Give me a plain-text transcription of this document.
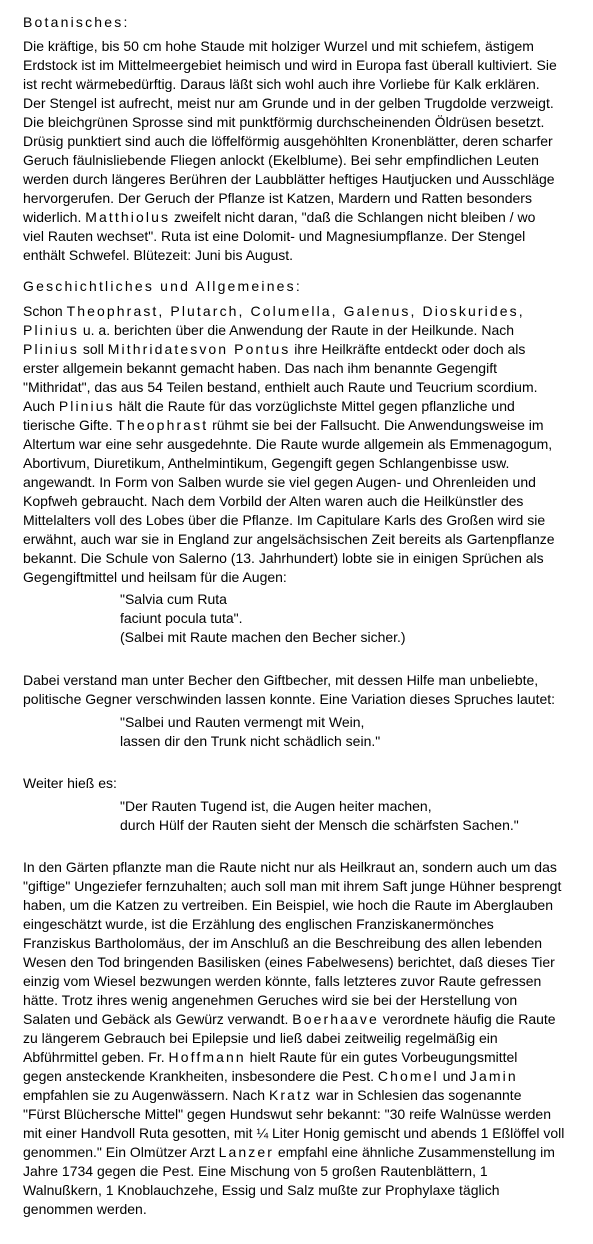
Botanisches:
Die kräftige, bis 50 cm hohe Staude mit holziger Wurzel und mit schiefem, ästigem
Erdstock ist im Mittelmeergebiet heimisch und wird in Europa fast überall kultiviert. Sie
ist recht wärmebedürftig. Daraus läßt sich wohl auch ihre Vorliebe für Kalk erklären.
Der Stengel ist aufrecht, meist nur am Grunde und in der gelben Trugdolde verzweigt.
Die bleichgrünen Sprosse sind mit punktförmig durchscheinenden Öldrüsen besetzt.
Drüsig punktiert sind auch die löffelförmig ausgehöhlten Kronenblätter, deren scharfer
Geruch fäulnisliebende Fliegen anlockt (Ekelblume). Bei sehr empfindlichen Leuten
werden durch längeres Berühren der Laubblätter heftiges Hautjucken und Ausschläge
hervorgerufen. Der Geruch der Pflanze ist Katzen, Mardern und Ratten besonders
widerlich. Matthiolus zweifelt nicht daran, "daß die Schlangen nicht bleiben / wo
viel Rauten wechset". Ruta ist eine Dolomit- und Magnesiumpflanze. Der Stengel
enthält Schwefel. Blütezeit: Juni bis August.
Geschichtliches und Allgemeines:
Schon Theophrast, Plutarch, Columella, Galenus, Dioskurides,
Plinius u. a. berichten über die Anwendung der Raute in der Heilkunde. Nach
Plinius soll Mithridatesvon Pontus ihre Heilkräfte entdeckt oder doch als
erster allgemein bekannt gemacht haben. Das nach ihm benannte Gegengift
"Mithridat", das aus 54 Teilen bestand, enthielt auch Raute und Teucrium scordium.
Auch Plinius hält die Raute für das vorzüglichste Mittel gegen pflanzliche und
tierische Gifte. Theophrast rühmt sie bei der Fallsucht. Die Anwendungsweise im
Altertum war eine sehr ausgedehnte. Die Raute wurde allgemein als Emmenagogum,
Abortivum, Diuretikum, Anthelmintikum, Gegengift gegen Schlangenbisse usw.
angewandt. In Form von Salben wurde sie viel gegen Augen- und Ohrenleiden und
Kopfweh gebraucht. Nach dem Vorbild der Alten waren auch die Heilkünstler des
Mittelalters voll des Lobes über die Pflanze. Im Capitulare Karls des Großen wird sie
erwähnt, auch war sie in England zur angelsächsischen Zeit bereits als Gartenpflanze
bekannt. Die Schule von Salerno (13. Jahrhundert) lobte sie in einigen Sprüchen als
Gegengiftmittel und heilsam für die Augen:
"Salvia cum Ruta
faciunt pocula tuta".
(Salbei mit Raute machen den Becher sicher.)
Dabei verstand man unter Becher den Giftbecher, mit dessen Hilfe man unbeliebte,
politische Gegner verschwinden lassen konnte. Eine Variation dieses Spruches lautet:
"Salbei und Rauten vermengt mit Wein,
lassen dir den Trunk nicht schädlich sein."
Weiter hieß es:
"Der Rauten Tugend ist, die Augen heiter machen,
durch Hülf der Rauten sieht der Mensch die schärfsten Sachen."
In den Gärten pflanzte man die Raute nicht nur als Heilkraut an, sondern auch um das
"giftige" Ungeziefer fernzuhalten; auch soll man mit ihrem Saft junge Hühner besprengt
haben, um die Katzen zu vertreiben. Ein Beispiel, wie hoch die Raute im Aberglauben
eingeschätzt wurde, ist die Erzählung des englischen Franziskanermönches
Franziskus Bartholomäus, der im Anschluß an die Beschreibung des allen lebenden
Wesen den Tod bringenden Basilisken (eines Fabelwesens) berichtet, daß dieses Tier
einzig vom Wiesel bezwungen werden könnte, falls letzteres zuvor Raute gefressen
hätte. Trotz ihres wenig angenehmen Geruches wird sie bei der Herstellung von
Salaten und Gebäck als Gewürz verwandt. Boerhaave verordnete häufig die Raute
zu längerem Gebrauch bei Epilepsie und ließ dabei zeitweilig regelmäßig ein
Abführmittel geben. Fr. Hoffmann hielt Raute für ein gutes Vorbeugungsmittel
gegen ansteckende Krankheiten, insbesondere die Pest. Chomel und Jamin
empfahlen sie zu Augenwässern. Nach Kratz war in Schlesien das sogenannte
"Fürst Blüchersche Mittel" gegen Hundswut sehr bekannt: "30 reife Walnüsse werden
mit einer Handvoll Ruta gesotten, mit ¼ Liter Honig gemischt und abends 1 Eßlöffel voll
genommen." Ein Olmützer Arzt Lanzer empfahl eine ähnliche Zusammenstellung im
Jahre 1734 gegen die Pest. Eine Mischung von 5 großen Rautenblättern, 1
Walnußkern, 1 Knoblauchzehe, Essig und Salz mußte zur Prophylaxe täglich
genommen werden.
